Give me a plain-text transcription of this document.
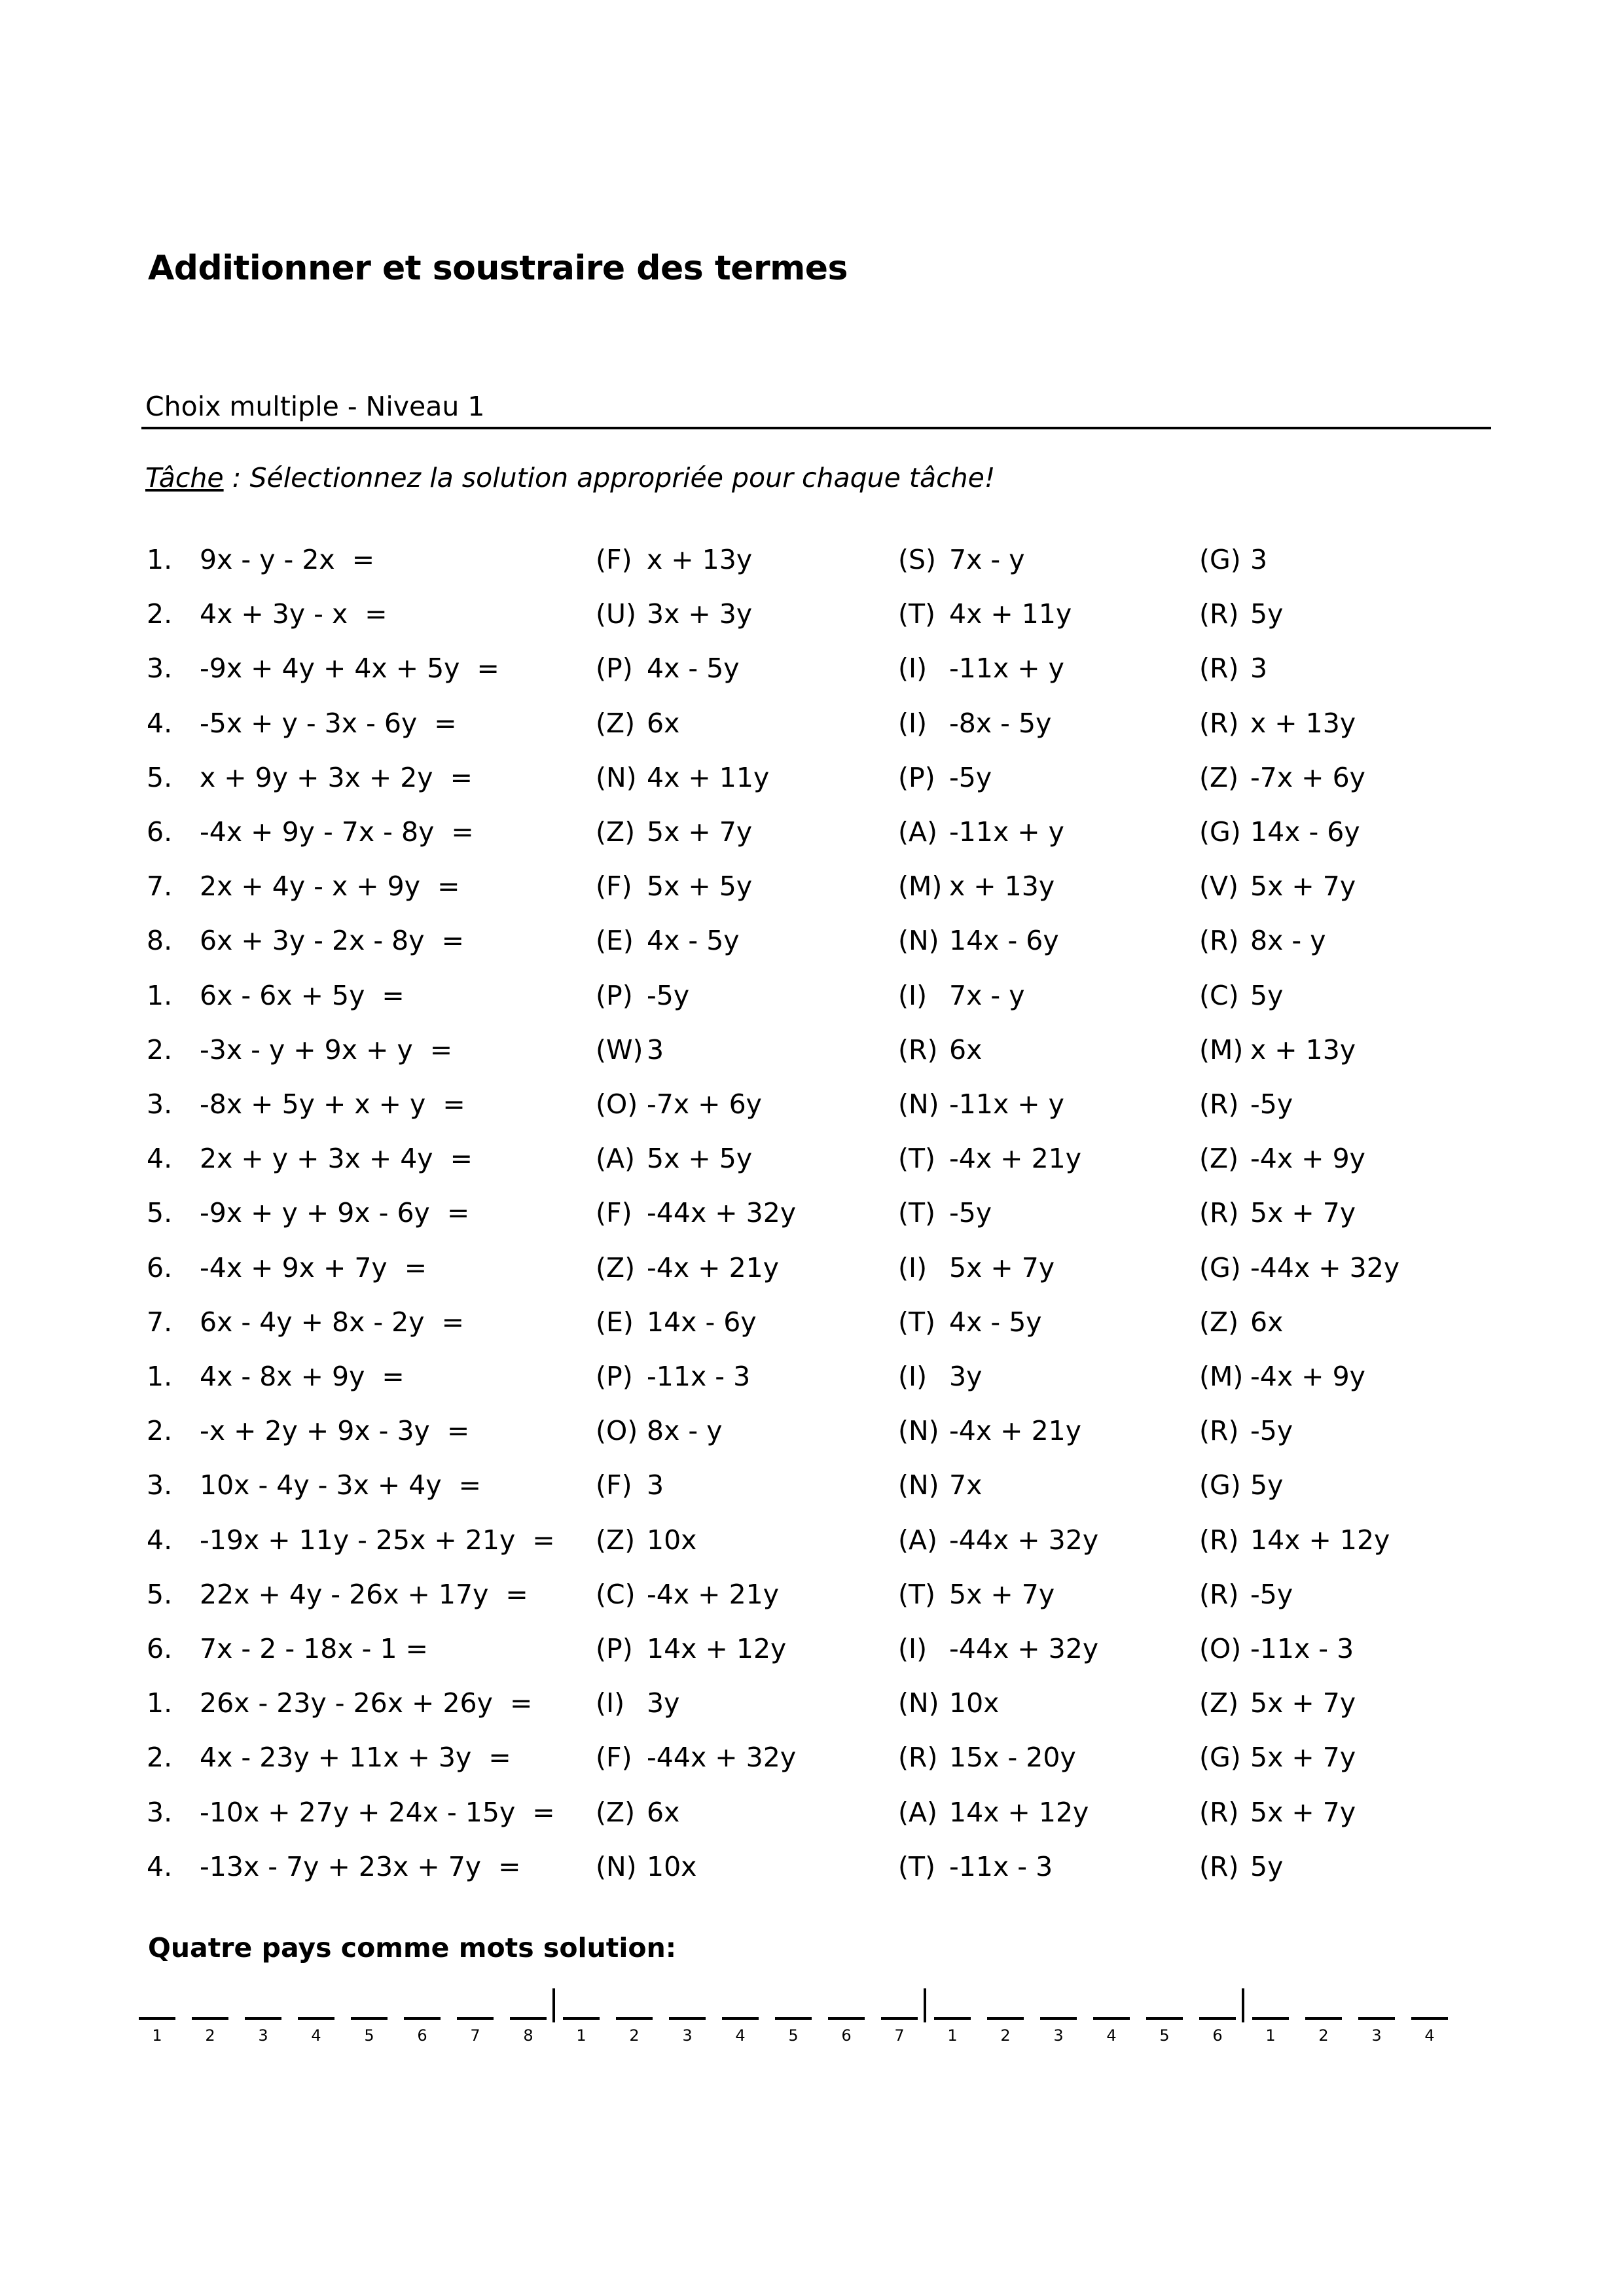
Additionner et soustraire des termes
Choix multiple - Niveau 1
Tâche : Sélectionnez la solution appropriée pour chaque tâche!
1. 9x - y - 2x  =	(F) x + 13y	(S) 7x - y	(G) 3
2. 4x + 3y - x  =	(U) 3x + 3y	(T) 4x + 11y	(R) 5y
3. -9x + 4y + 4x + 5y  =	(P) 4x - 5y	(I) -11x + y	(R) 3
4. -5x + y - 3x - 6y  =	(Z) 6x	(I) -8x - 5y	(R) x + 13y
5. x + 9y + 3x + 2y  =	(N) 4x + 11y	(P) -5y	(Z) -7x + 6y
6. -4x + 9y - 7x - 8y  =	(Z) 5x + 7y	(A) -11x + y	(G) 14x - 6y
7. 2x + 4y - x + 9y  =	(F) 5x + 5y	(M) x + 13y	(V) 5x + 7y
8. 6x + 3y - 2x - 8y  =	(E) 4x - 5y	(N) 14x - 6y	(R) 8x - y
1. 6x - 6x + 5y  =	(P) -5y	(I) 7x - y	(C) 5y
2. -3x - y + 9x + y  =	(W) 3	(R) 6x	(M) x + 13y
3. -8x + 5y + x + y  =	(O) -7x + 6y	(N) -11x + y	(R) -5y
4. 2x + y + 3x + 4y  =	(A) 5x + 5y	(T) -4x + 21y	(Z) -4x + 9y
5. -9x + y + 9x - 6y  =	(F) -44x + 32y	(T) -5y	(R) 5x + 7y
6. -4x + 9x + 7y  =	(Z) -4x + 21y	(I) 5x + 7y	(G) -44x + 32y
7. 6x - 4y + 8x - 2y  =	(E) 14x - 6y	(T) 4x - 5y	(Z) 6x
1. 4x - 8x + 9y  =	(P) -11x - 3	(I) 3y	(M) -4x + 9y
2. -x + 2y + 9x - 3y  =	(O) 8x - y	(N) -4x + 21y	(R) -5y
3. 10x - 4y - 3x + 4y  =	(F) 3	(N) 7x	(G) 5y
4. -19x + 11y - 25x + 21y  = (Z) 10x	(A) -44x + 32y	(R) 14x + 12y
5. 22x + 4y - 26x + 17y  =	(C) -4x + 21y	(T) 5x + 7y	(R) -5y
6. 7x - 2 - 18x - 1 =	(P) 14x + 12y	(I) -44x + 32y	(O) -11x - 3
1. 26x - 23y - 26x + 26y  = (I) 3y	(N) 10x	(Z) 5x + 7y
2. 4x - 23y + 11x + 3y  =	(F) -44x + 32y	(R) 15x - 20y	(G) 5x + 7y
3. -10x + 27y + 24x - 15y  = (Z) 6x	(A) 14x + 12y	(R) 5x + 7y
4. -13x - 7y + 23x + 7y  =	(N) 10x	(T) -11x - 3	(R) 5y
Quatre pays comme mots solution:
1	2	3	4	5	6	7	8	1	2	3	4	5	6	7	1	2	3	4	5	6	1	2	3	4
